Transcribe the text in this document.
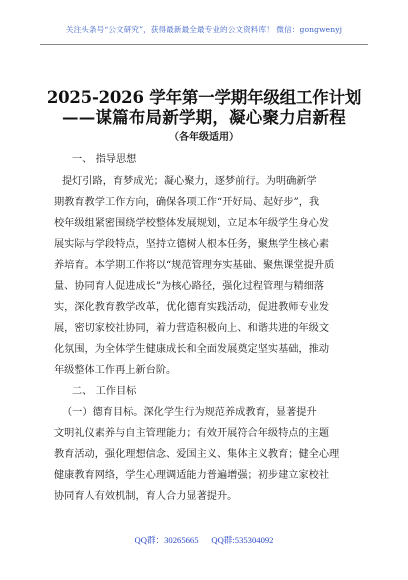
关注头条号“公文研究”，获得最新最全最专业的公文资料库！ 微信：gongwenyj
2025-2026 学年第一学期年级组工作计划
——谋篇布局新学期，凝心聚力启新程
（各年级适用）
一、 指导思想
提灯引路，育梦成光；凝心聚力，逐梦前行。为明确新学
期教育教学工作方向，确保各项工作“开好局、起好步”，我
校年级组紧密围绕学校整体发展规划，立足本年级学生身心发
展实际与学段特点，坚持立德树人根本任务，聚焦学生核心素
养培育。本学期工作将以“规范管理夯实基础、聚焦课堂提升质
量、协同育人促进成长”为核心路径，强化过程管理与精细落
实，深化教育教学改革，优化德育实践活动，促进教师专业发
展，密切家校社协同，着力营造积极向上、和谐共进的年级文
化氛围，为全体学生健康成长和全面发展奠定坚实基础，推动
年级整体工作再上新台阶。
二、 工作目标
（一）德育目标。深化学生行为规范养成教育，显著提升
文明礼仪素养与自主管理能力；有效开展符合年级特点的主题
教育活动，强化理想信念、爱国主义、集体主义教育；健全心理
健康教育网络，学生心理调适能力普遍增强；初步建立家校社
协同育人有效机制，育人合力显著提升。
QQ群：30265665      QQ群:535304092
